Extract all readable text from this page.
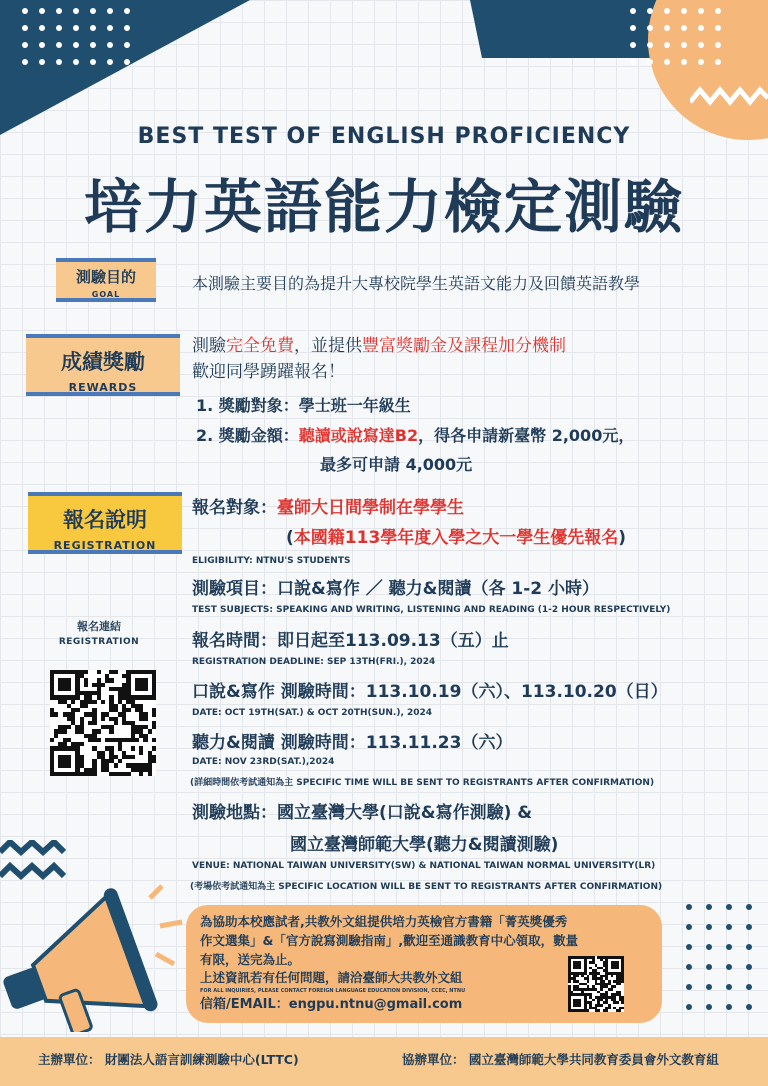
BEST TEST OF ENGLISH PROFICIENCY
培力英語能力檢定測驗
測驗目的
GOAL
本測驗主要目的為提升大專校院學生英語文能力及回饋英語教學
成績獎勵
REWARDS
測驗完全免費，並提供豐富獎勵金及課程加分機制
歡迎同學踴躍報名！
1. 獎勵對象：學士班一年級生
2. 獎勵金額：聽讀或說寫達B2，得各申請新臺幣 2,000元，
最多可申請 4,000元
報名說明
REGISTRATION
報名對象：臺師大日間學制在學學生
(本國籍113學年度入學之大一學生優先報名)
ELIGIBILITY: NTNU'S STUDENTS
測驗項目：口說&寫作 ／ 聽力&閱讀（各 1-2 小時）
TEST SUBJECTS: SPEAKING AND WRITING, LISTENING AND READING (1-2 HOUR RESPECTIVELY)
報名時間：即日起至113.09.13（五）止
REGISTRATION DEADLINE: SEP 13TH(FRI.), 2024
口說&寫作 測驗時間：113.10.19（六）、113.10.20（日）
DATE: OCT 19TH(SAT.) & OCT 20TH(SUN.), 2024
聽力&閱讀 測驗時間：113.11.23（六）
DATE: NOV 23RD(SAT.),2024
(詳細時間依考試通知為主 SPECIFIC TIME WILL BE SENT TO REGISTRANTS AFTER CONFIRMATION)
測驗地點：國立臺灣大學(口說&寫作測驗) &
國立臺灣師範大學(聽力&閱讀測驗)
VENUE: NATIONAL TAIWAN UNIVERSITY(SW) & NATIONAL TAIWAN NORMAL UNIVERSITY(LR)
(考場依考試通知為主 SPECIFIC LOCATION WILL BE SENT TO REGISTRANTS AFTER CONFIRMATION)
報名連結
REGISTRATION
為協助本校應試者,共教外文組提供培力英檢官方書籍「菁英獎優秀
作文選集」&「官方說寫測驗指南」,歡迎至通識教育中心領取，數量
有限，送完為止。
上述資訊若有任何問題，請洽臺師大共教外文組
FOR ALL INQUIRIES, PLEASE CONTACT FOREIGN LANGUAGE EDUCATION DIVISION, CCEC, NTNU
信箱/EMAIL：engpu.ntnu@gmail.com
主辦單位： 財團法人語言訓練測驗中心(LTTC)	協辦單位： 國立臺灣師範大學共同教育委員會外文教育組
